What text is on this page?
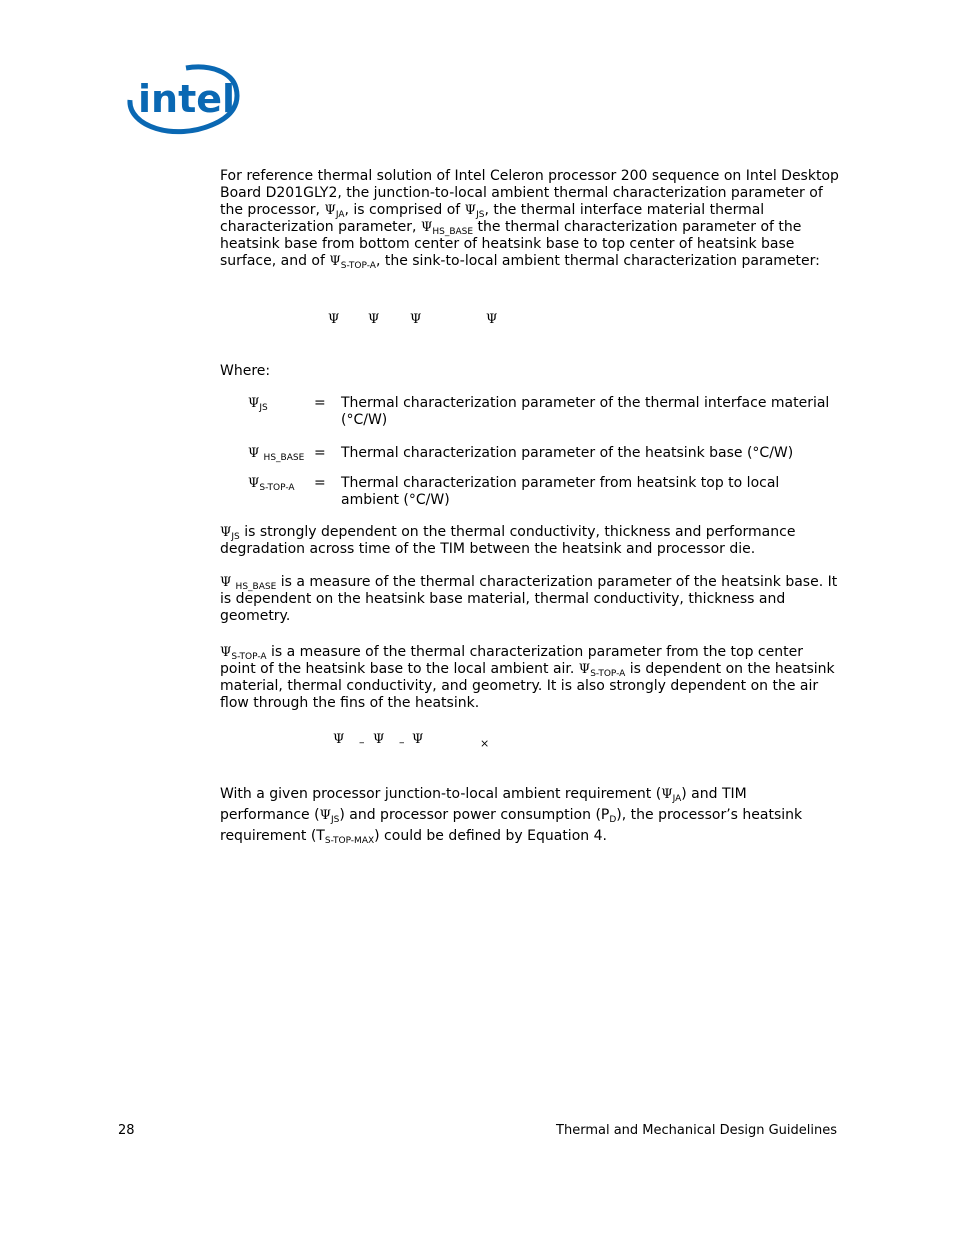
intel

For reference thermal solution of Intel Celeron processor 200 sequence on Intel Desktop Board D201GLY2, the junction-to-local ambient thermal characterization parameter of the processor, $\Psi_{JA}$, is comprised of $\Psi_{JS}$, the thermal interface material thermal characterization parameter, $\Psi_{HS\_BASE}$ the thermal characterization parameter of the heatsink base from bottom center of heatsink base to top center of heatsink base surface, and of $\Psi_{S-TOP-A}$, the sink-to-local ambient thermal characterization parameter:

Ψ Ψ Ψ	Ψ

Where:

$\Psi_{JS}$	= Thermal characterization parameter of the thermal interface material (°C/W)
Ψ $_{HS\_BASE}$ = Thermal characterization parameter of the heatsink base (°C/W)
$\Psi_{S-TOP-A}$ = Thermal characterization parameter from heatsink top to local ambient (°C/W)

$\Psi_{JS}$ is strongly dependent on the thermal conductivity, thickness and performance degradation across time of the TIM between the heatsink and processor die.

Ψ $_{HS\_BASE}$ is a measure of the thermal characterization parameter of the heatsink base. It is dependent on the heatsink base material, thermal conductivity, thickness and geometry.

$\Psi_{S-TOP-A}$ is a measure of the thermal characterization parameter from the top center point of the heatsink base to the local ambient air. $\Psi_{S-TOP-A}$ is dependent on the heatsink material, thermal conductivity, and geometry. It is also strongly dependent on the air flow through the fins of the heatsink.

Ψ – Ψ – Ψ	×

With a given processor junction-to-local ambient requirement $(\Psi_{JA})$ and TIM performance $(\Psi_{JS})$ and processor power consumption $(P_D)$, the processor’s heatsink requirement $(T_{S-TOP-MAX})$ could be defined by Equation 4.

28	Thermal and Mechanical Design Guidelines
